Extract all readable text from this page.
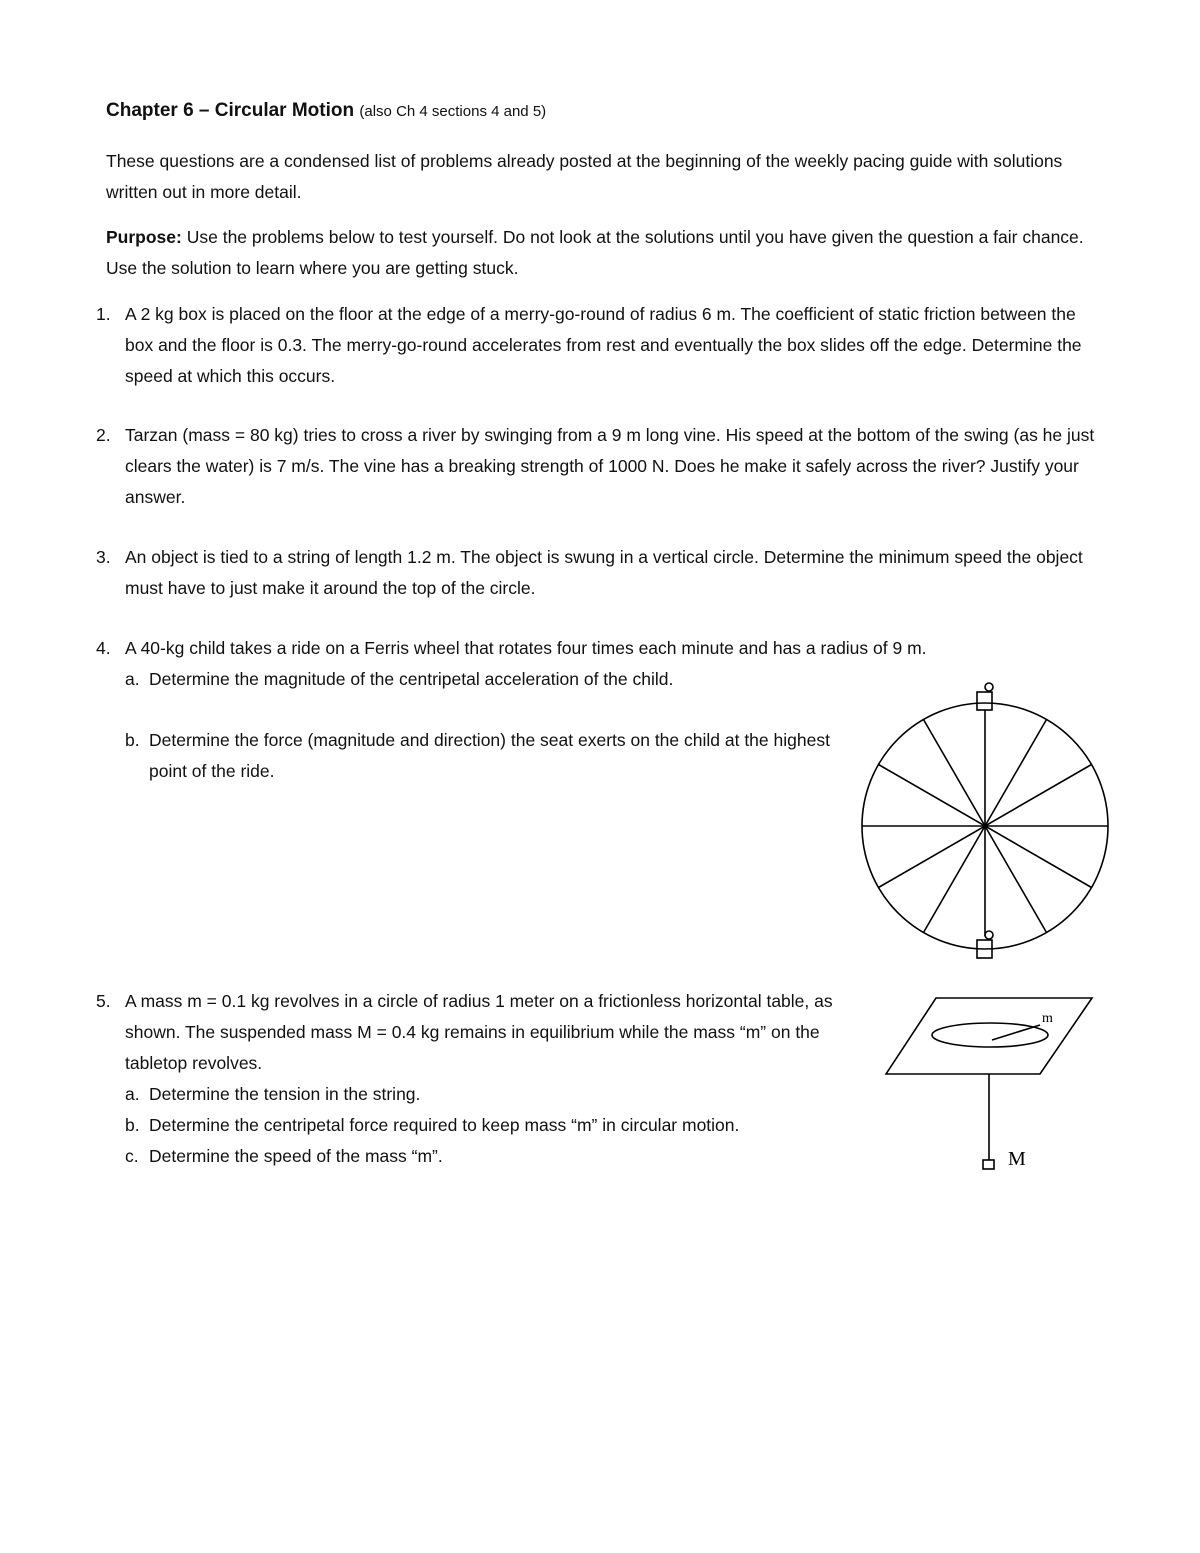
Chapter 6 – Circular Motion (also Ch 4 sections 4 and 5)
These questions are a condensed list of problems already posted at the beginning of the weekly pacing guide with solutions written out in more detail.
Purpose: Use the problems below to test yourself. Do not look at the solutions until you have given the question a fair chance. Use the solution to learn where you are getting stuck.
1. A 2 kg box is placed on the floor at the edge of a merry-go-round of radius 6 m. The coefficient of static friction between the box and the floor is 0.3. The merry-go-round accelerates from rest and eventually the box slides off the edge. Determine the speed at which this occurs.
2. Tarzan (mass = 80 kg) tries to cross a river by swinging from a 9 m long vine. His speed at the bottom of the swing (as he just clears the water) is 7 m/s. The vine has a breaking strength of 1000 N. Does he make it safely across the river? Justify your answer.
3. An object is tied to a string of length 1.2 m. The object is swung in a vertical circle. Determine the minimum speed the object must have to just make it around the top of the circle.
4. A 40-kg child takes a ride on a Ferris wheel that rotates four times each minute and has a radius of 9 m.
a. Determine the magnitude of the centripetal acceleration of the child.
b. Determine the force (magnitude and direction) the seat exerts on the child at the highest point of the ride.
5. A mass m = 0.1 kg revolves in a circle of radius 1 meter on a frictionless horizontal table, as shown. The suspended mass M = 0.4 kg remains in equilibrium while the mass “m” on the tabletop revolves.
a. Determine the tension in the string.
b. Determine the centripetal force required to keep mass “m” in circular motion.
c. Determine the speed of the mass “m”.
m
M
